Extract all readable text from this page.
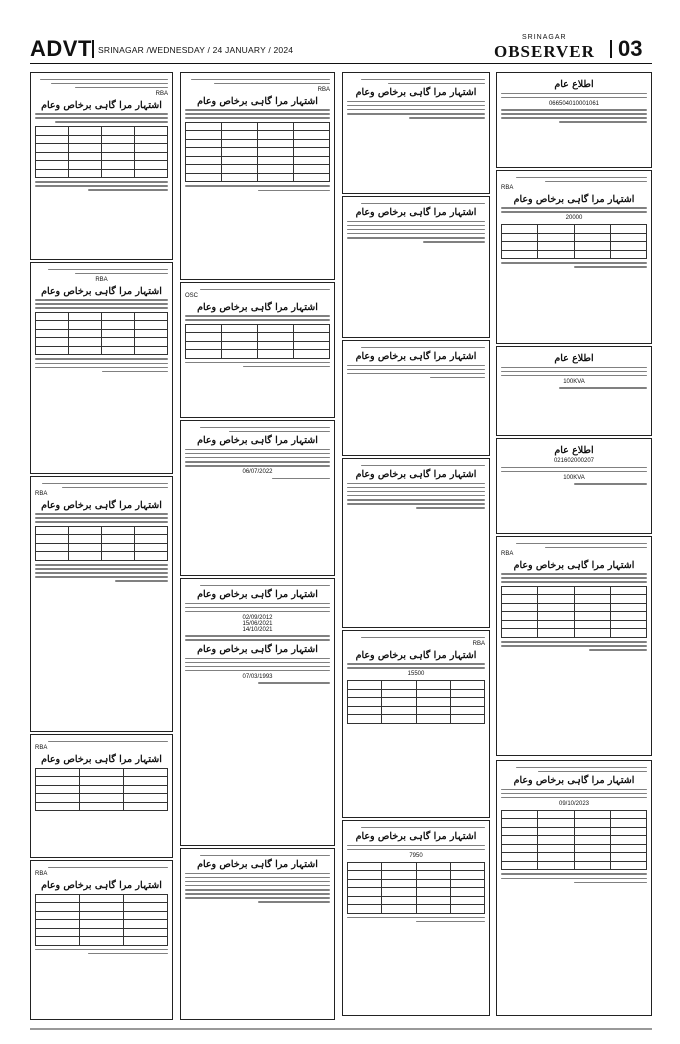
ADVT SRINAGAR /WEDNESDAY / 24 JANUARY / 2024
SRINAGAR
OBSERVER 03
RBA
اشتہار مرا گاہی برخاص وعام

RBA
اشتہار مرا گاہی برخاص وعام

RBA
اشتہار مرا گاہی برخاص وعام

RBA
اشتہار مرا گاہی برخاص وعام

RBA
اشتہار مرا گاہی برخاص وعام

RBA
اشتہار مرا گاہی برخاص وعام

OSC
اشتہار مرا گاہی برخاص وعام

اشتہار مرا گاہی برخاص وعام
06/07/2022
اشتہار مرا گاہی برخاص وعام
02/09/2012
15/06/2021
14/10/2021
اشتہار مرا گاہی برخاص وعام
07/03/1993
اشتہار مرا گاہی برخاص وعام
اشتہار مرا گاہی برخاص وعام
اشتہار مرا گاہی برخاص وعام
اشتہار مرا گاہی برخاص وعام
اشتہار مرا گاہی برخاص وعام
RBA
اشتہار مرا گاہی برخاص وعام
15500

اشتہار مرا گاہی برخاص وعام
7950

اطلاع عام
066504010001061
RBA
اشتہار مرا گاہی برخاص وعام
20000

اطلاع عام
100KVA
اطلاع عام
021602000207
100KVA
RBA
اشتہار مرا گاہی برخاص وعام

اشتہار مرا گاہی برخاص وعام
09/10/2023
